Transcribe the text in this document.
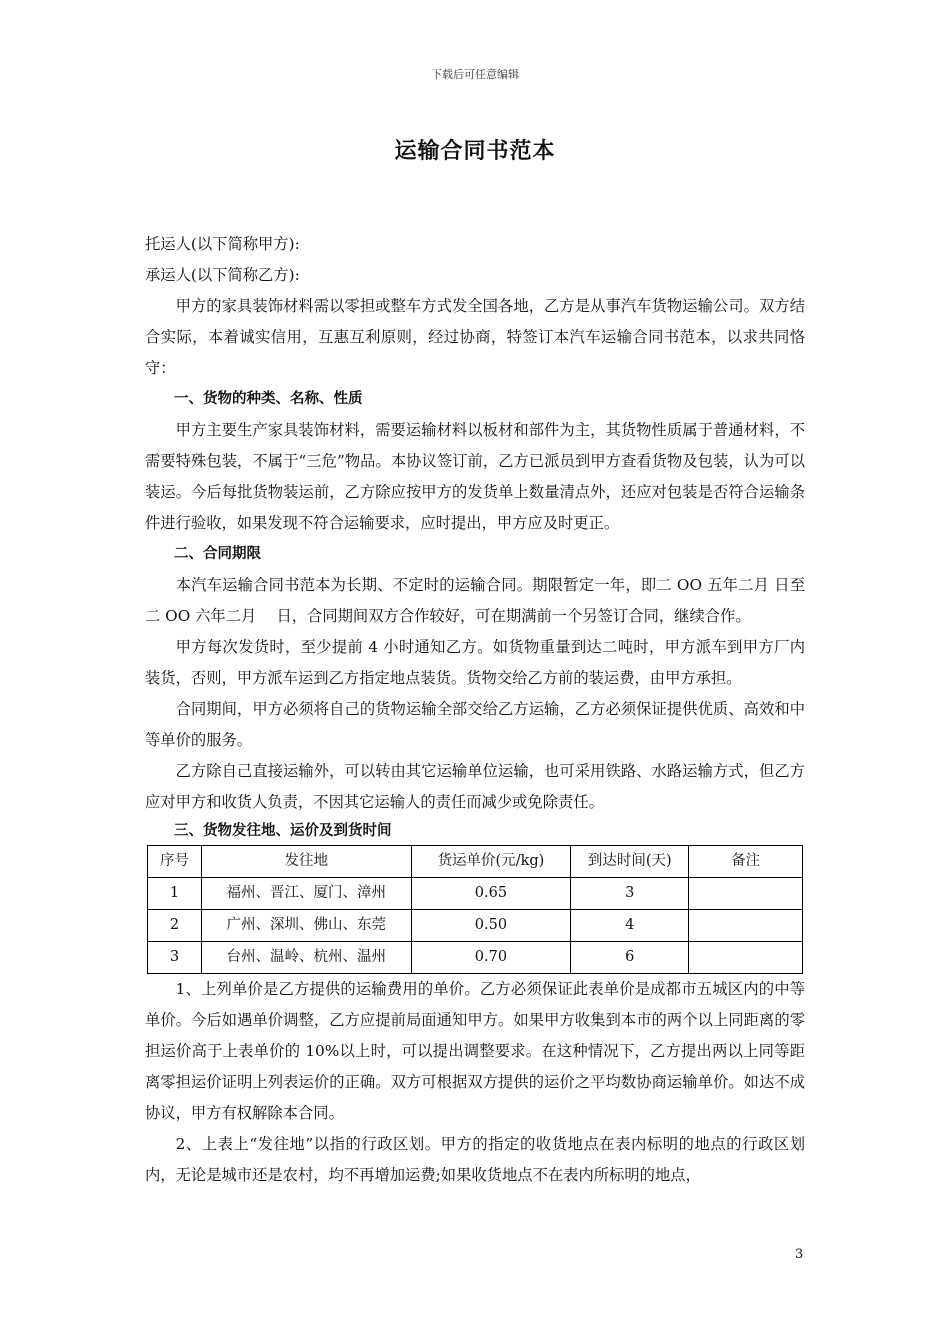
下载后可任意编辑
运输合同书范本

托运人(以下简称甲方):

承运人(以下简称乙方):

甲方的家具装饰材料需以零担或整车方式发全国各地，乙方是从事汽车货物运输公司。双方结合实际，本着诚实信用，互惠互利原则，经过协商，特签订本汽车运输合同书范本，以求共同恪守：

一、货物的种类、名称、性质

甲方主要生产家具装饰材料，需要运输材料以板材和部件为主，其货物性质属于普通材料，不需要特殊包装，不属于“三危”物品。本协议签订前，乙方已派员到甲方查看货物及包装，认为可以装运。今后每批货物装运前，乙方除应按甲方的发货单上数量清点外，还应对包装是否符合运输条件进行验收，如果发现不符合运输要求，应时提出，甲方应及时更正。

二、合同期限

本汽车运输合同书范本为长期、不定时的运输合同。期限暂定一年，即二 OO 五年二月 日至二 OO 六年二月　 日，合同期间双方合作较好，可在期满前一个另签订合同，继续合作。

甲方每次发货时，至少提前 4 小时通知乙方。如货物重量到达二吨时，甲方派车到甲方厂内装货，否则，甲方派车运到乙方指定地点装货。货物交给乙方前的装运费，由甲方承担。

合同期间，甲方必须将自己的货物运输全部交给乙方运输，乙方必须保证提供优质、高效和中等单价的服务。

乙方除自己直接运输外，可以转由其它运输单位运输，也可采用铁路、水路运输方式，但乙方应对甲方和收货人负责，不因其它运输人的责任而减少或免除责任。

三、货物发往地、运价及到货时间

序号	发往地	货运单价(元/kg)	到达时间(天)	备注
1	福州、晋江、厦门、漳州	0.65	3	
2	广州、深圳、佛山、东莞	0.50	4	
3	台州、温岭、杭州、温州	0.70	6	

1、上列单价是乙方提供的运输费用的单价。乙方必须保证此表单价是成都市五城区内的中等单价。今后如遇单价调整，乙方应提前局面通知甲方。如果甲方收集到本市的两个以上同距离的零担运价高于上表单价的 10%以上时，可以提出调整要求。在这种情况下，乙方提出两以上同等距离零担运价证明上列表运价的正确。双方可根据双方提供的运价之平均数协商运输单价。如达不成协议，甲方有权解除本合同。

2、上表上“发往地”以指的行政区划。甲方的指定的收货地点在表内标明的地点的行政区划内，无论是城市还是农村，均不再增加运费;如果收货地点不在表内所标明的地点，

3
